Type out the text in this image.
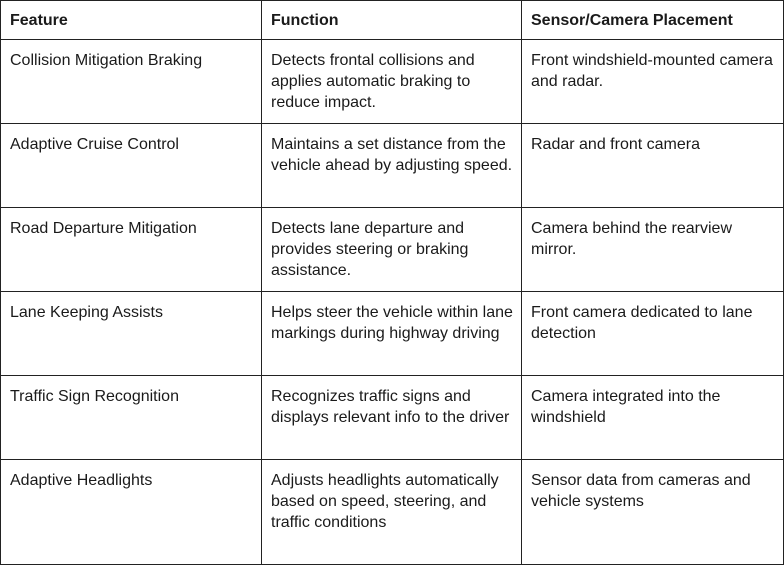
Feature	Function	Sensor/Camera Placement
Collision Mitigation Braking	Detects frontal collisions and applies automatic braking to reduce impact.	Front windshield-mounted camera and radar.
Adaptive Cruise Control	Maintains a set distance from the vehicle ahead by adjusting speed.	Radar and front camera
Road Departure Mitigation	Detects lane departure and provides steering or braking assistance.	Camera behind the rearview mirror.
Lane Keeping Assists	Helps steer the vehicle within lane markings during highway driving	Front camera dedicated to lane detection
Traffic Sign Recognition	Recognizes traffic signs and displays relevant info to the driver	Camera integrated into the windshield
Adaptive Headlights	Adjusts headlights automatically based on speed, steering, and traffic conditions	Sensor data from cameras and vehicle systems
